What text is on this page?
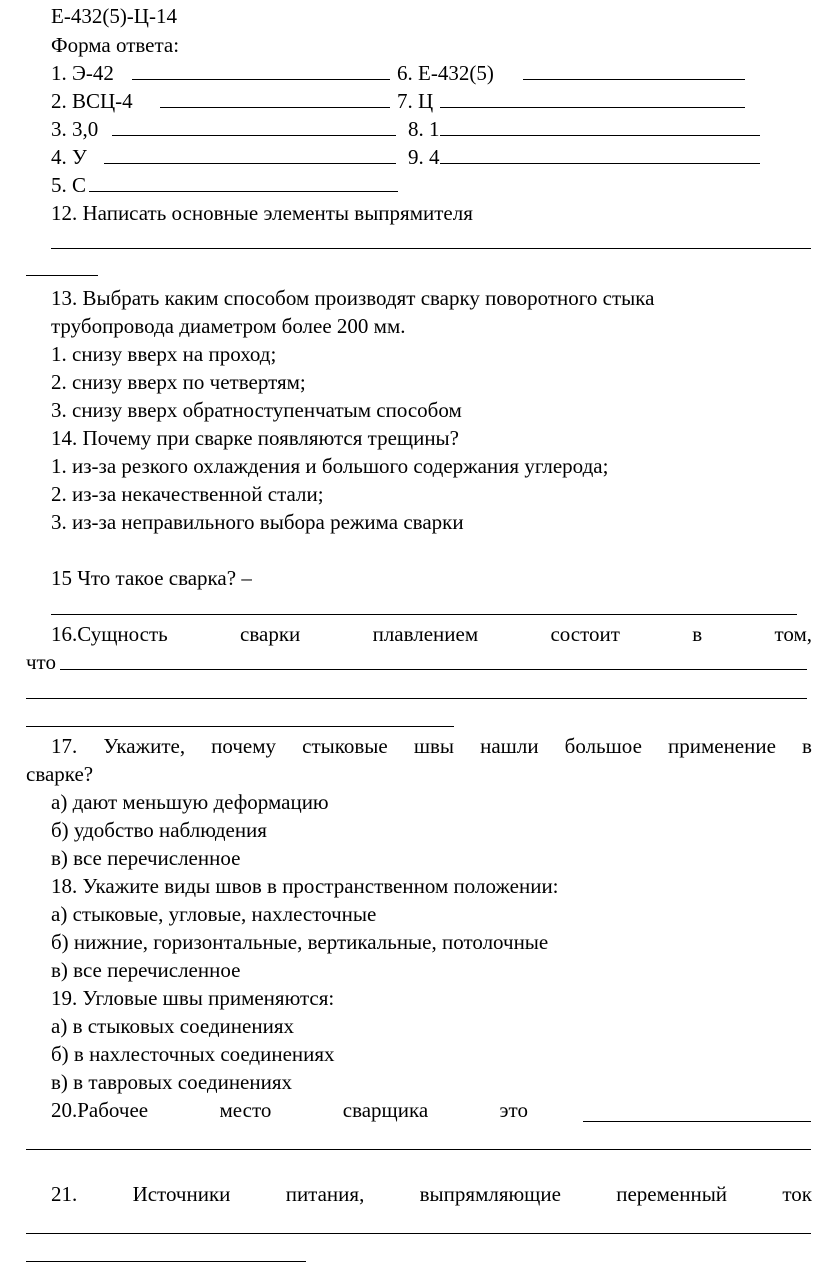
Е-432(5)-Ц-14
Форма ответа:
1. Э-42	6. Е-432(5)
2. ВСЦ-4	7. Ц
3. 3,0	8. 1
4. У	9. 4
5. С
12. Написать основные элементы выпрямителя
13. Выбрать каким способом производят сварку поворотного стыка
трубопровода диаметром более 200 мм.
1. снизу вверх на проход;
2. снизу вверх по четвертям;
3. снизу вверх обратноступенчатым способом
14. Почему при сварке появляются трещины?
1. из-за резкого охлаждения и большого содержания углерода;
2. из-за некачественной стали;
3. из-за неправильного выбора режима сварки
15 Что такое сварка? –
16.Сущность	сварки	плавлением	состоит	в	том,
что
17. Укажите, почему стыковые швы нашли большое применение в
сварке?
а) дают меньшую деформацию
б) удобство наблюдения
в) все перечисленное
18. Укажите виды швов в пространственном положении:
а) стыковые, угловые, нахлесточные
б) нижние, горизонтальные, вертикальные, потолочные
в) все перечисленное
19. Угловые швы применяются:
а) в стыковых соединениях
б) в нахлесточных соединениях
в) в тавровых соединениях
20.Рабочее	место	сварщика	это
21.	Источники	питания,	выпрямляющие	переменный	ток
